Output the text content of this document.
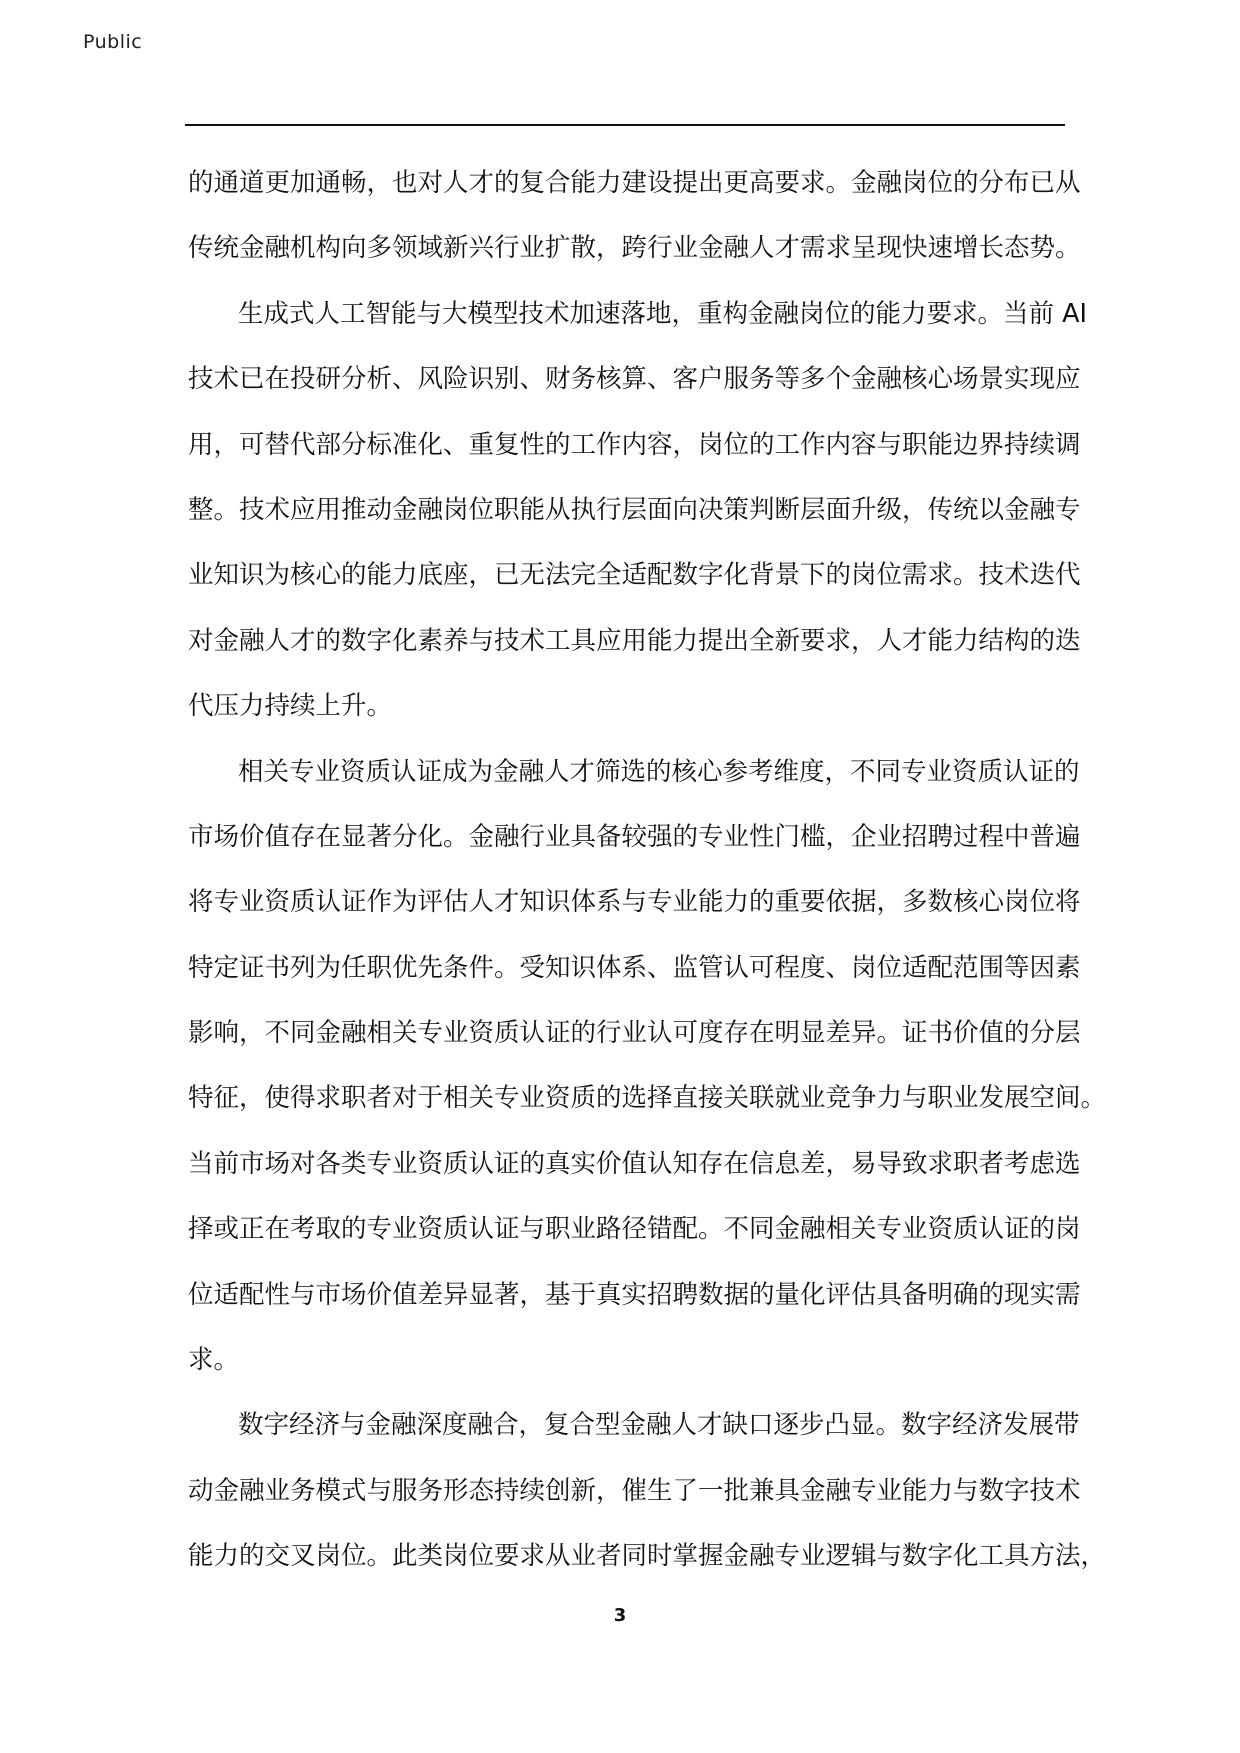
Public
的通道更加通畅，也对人才的复合能力建设提出更高要求。金融岗位的分布已从
传统金融机构向多领域新兴行业扩散，跨行业金融人才需求呈现快速增长态势。
生成式人工智能与大模型技术加速落地，重构金融岗位的能力要求。当前 AI
技术已在投研分析、风险识别、财务核算、客户服务等多个金融核心场景实现应
用，可替代部分标准化、重复性的工作内容，岗位的工作内容与职能边界持续调
整。技术应用推动金融岗位职能从执行层面向决策判断层面升级，传统以金融专
业知识为核心的能力底座，已无法完全适配数字化背景下的岗位需求。技术迭代
对金融人才的数字化素养与技术工具应用能力提出全新要求，人才能力结构的迭
代压力持续上升。
相关专业资质认证成为金融人才筛选的核心参考维度，不同专业资质认证的
市场价值存在显著分化。金融行业具备较强的专业性门槛，企业招聘过程中普遍
将专业资质认证作为评估人才知识体系与专业能力的重要依据，多数核心岗位将
特定证书列为任职优先条件。受知识体系、监管认可程度、岗位适配范围等因素
影响，不同金融相关专业资质认证的行业认可度存在明显差异。证书价值的分层
特征，使得求职者对于相关专业资质的选择直接关联就业竞争力与职业发展空间。
当前市场对各类专业资质认证的真实价值认知存在信息差，易导致求职者考虑选
择或正在考取的专业资质认证与职业路径错配。不同金融相关专业资质认证的岗
位适配性与市场价值差异显著，基于真实招聘数据的量化评估具备明确的现实需
求。
数字经济与金融深度融合，复合型金融人才缺口逐步凸显。数字经济发展带
动金融业务模式与服务形态持续创新，催生了一批兼具金融专业能力与数字技术
能力的交叉岗位。此类岗位要求从业者同时掌握金融专业逻辑与数字化工具方法，
3
